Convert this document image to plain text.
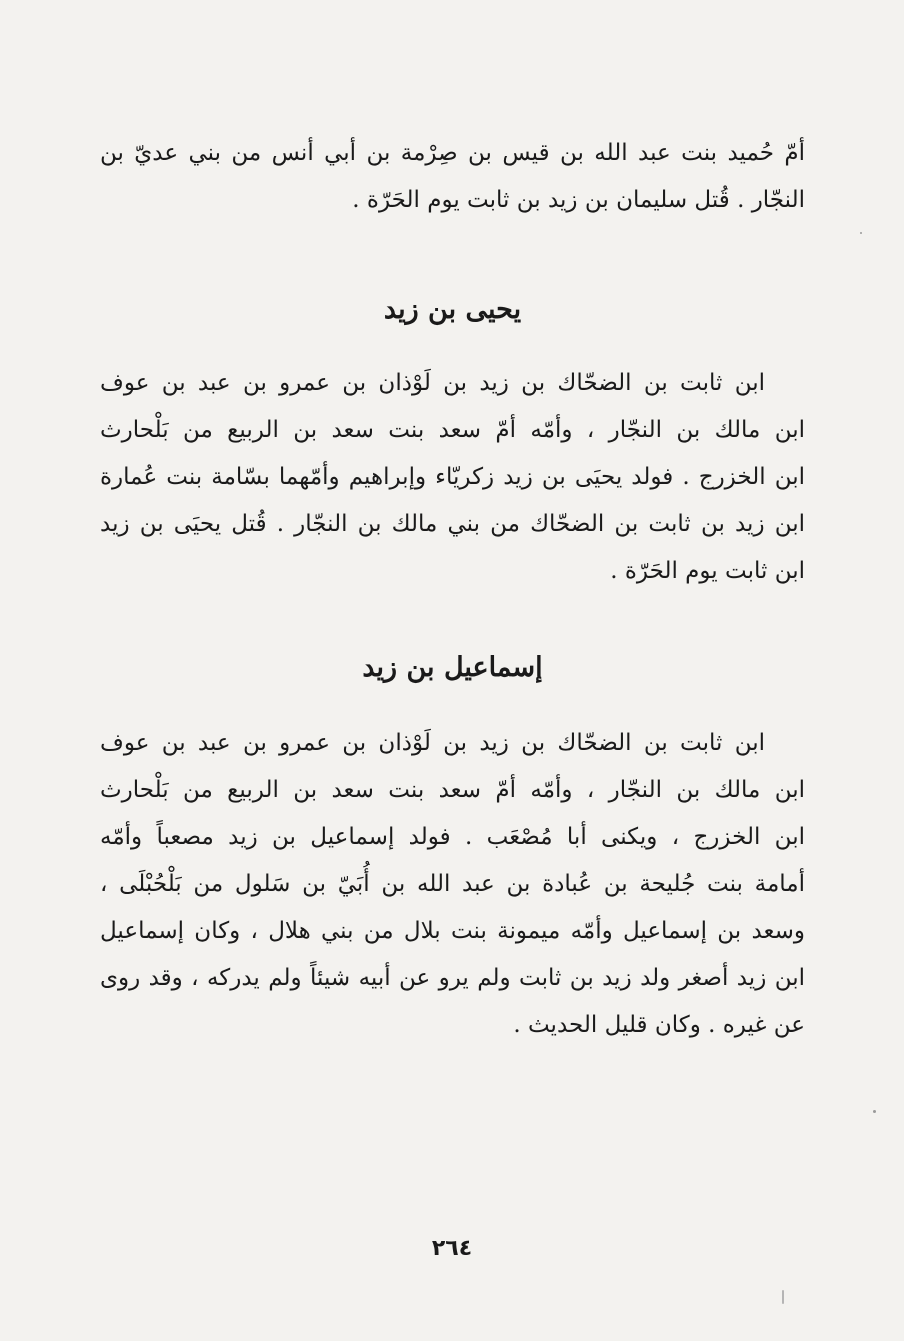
أمّ حُميد بنت عبد الله بن قيس بن صِرْمة بن أبي أنس من بني عديّ بن
النجّار . قُتل سليمان بن زيد بن ثابت يوم الحَرّة .
يحيى بن زيد
ابن ثابت بن الضحّاك بن زيد بن لَوْذان بن عمرو بن عبد بن عوف
ابن مالك بن النجّار ، وأمّه أمّ سعد بنت سعد بن الربيع من بَلْحارث
ابن الخزرج . فولد يحيَى بن زيد زكريّاء وإبراهيم وأمّهما بسّامة بنت عُمارة
ابن زيد بن ثابت بن الضحّاك من بني مالك بن النجّار . قُتل يحيَى بن زيد
ابن ثابت يوم الحَرّة .
إسماعيل بن زيد
ابن ثابت بن الضحّاك بن زيد بن لَوْذان بن عمرو بن عبد بن عوف
ابن مالك بن النجّار ، وأمّه أمّ سعد بنت سعد بن الربيع من بَلْحارث
ابن الخزرج ، ويكنى أبا مُصْعَب . فولد إسماعيل بن زيد مصعباً وأمّه
أمامة بنت جُليحة بن عُبادة بن عبد الله بن أُبَيّ بن سَلول من بَلْحُبْلَى ،
وسعد بن إسماعيل وأمّه ميمونة بنت بلال من بني هلال ، وكان إسماعيل
ابن زيد أصغر ولد زيد بن ثابت ولم يرو عن أبيه شيئاً ولم يدركه ، وقد روى
عن غيره . وكان قليل الحديث .
٢٦٤
